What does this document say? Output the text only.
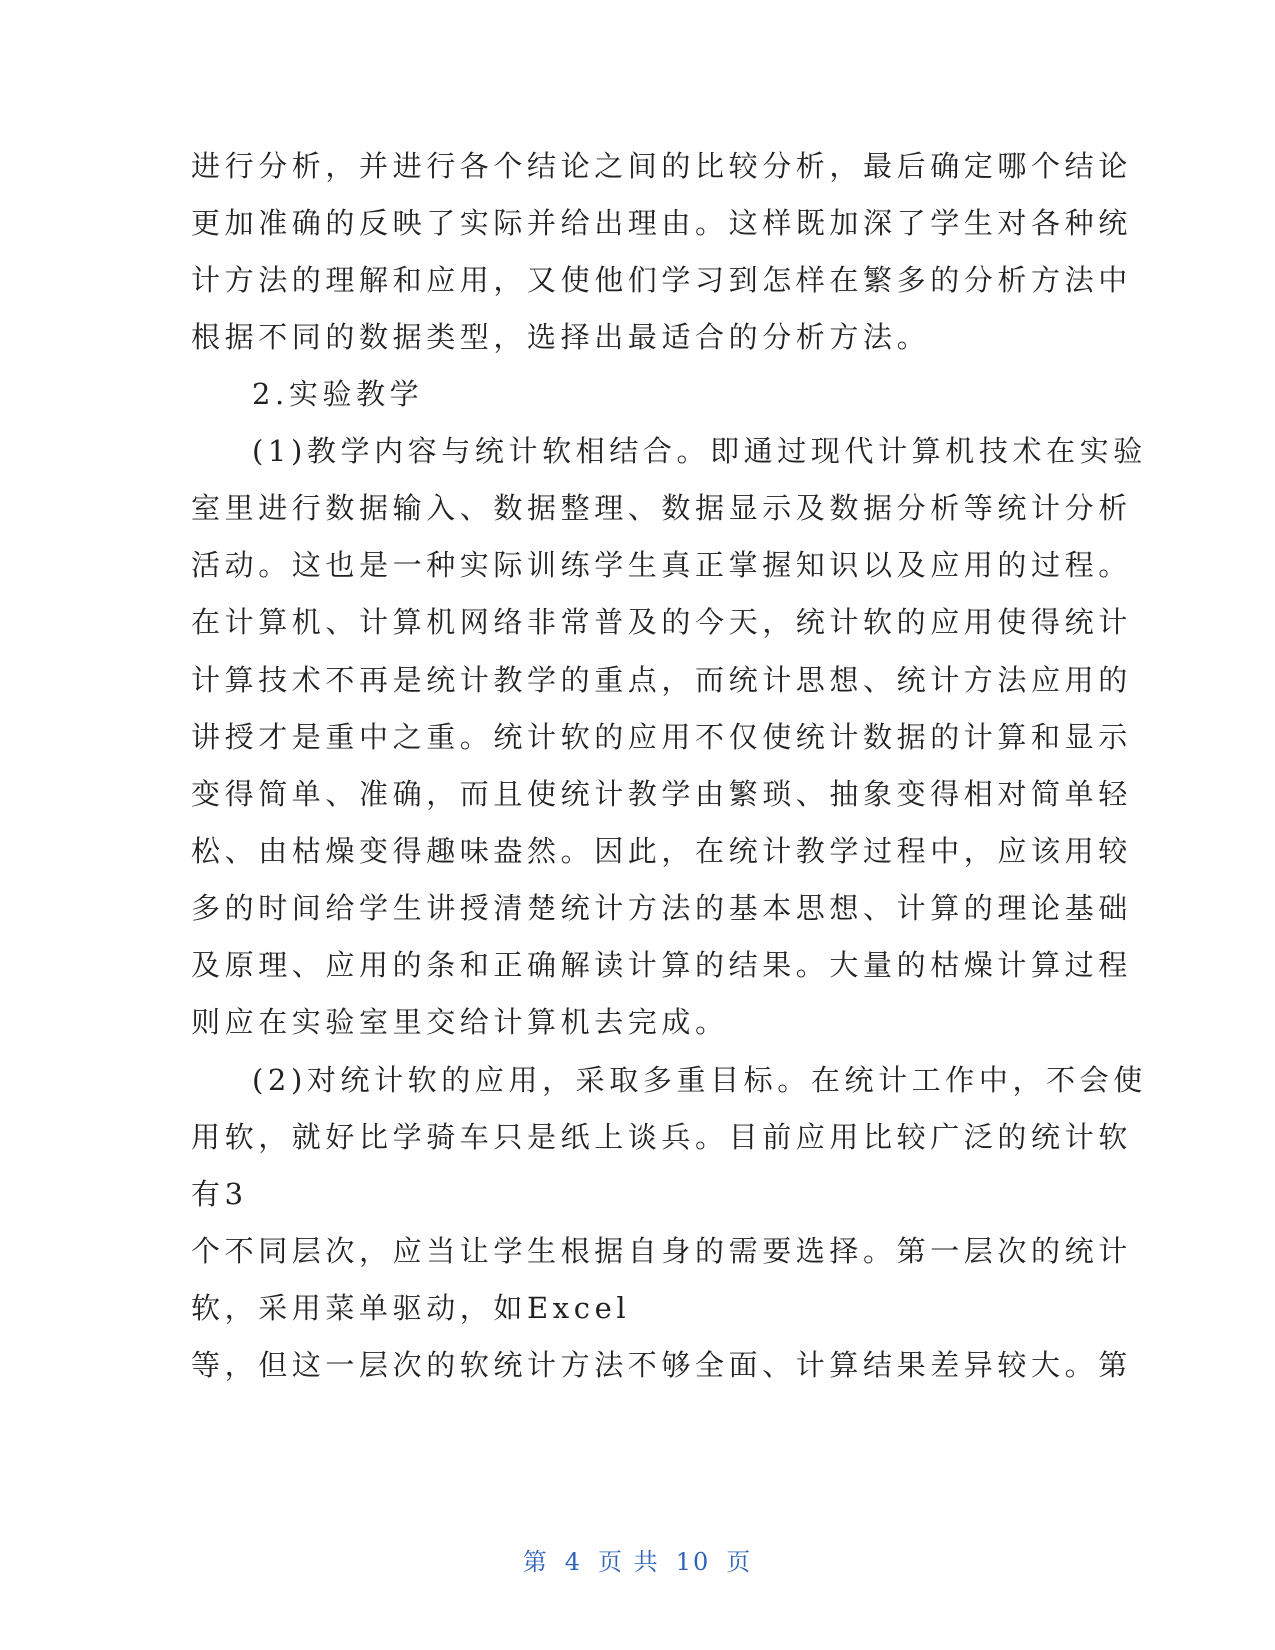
进行分析，并进行各个结论之间的比较分析，最后确定哪个结论
更加准确的反映了实际并给出理由。这样既加深了学生对各种统
计方法的理解和应用，又使他们学习到怎样在繁多的分析方法中
根据不同的数据类型，选择出最适合的分析方法。
2.实验教学
(1)教学内容与统计软相结合。即通过现代计算机技术在实验
室里进行数据输入、数据整理、数据显示及数据分析等统计分析
活动。这也是一种实际训练学生真正掌握知识以及应用的过程。
在计算机、计算机网络非常普及的今天，统计软的应用使得统计
计算技术不再是统计教学的重点，而统计思想、统计方法应用的
讲授才是重中之重。统计软的应用不仅使统计数据的计算和显示
变得简单、准确，而且使统计教学由繁琐、抽象变得相对简单轻
松、由枯燥变得趣味盎然。因此，在统计教学过程中，应该用较
多的时间给学生讲授清楚统计方法的基本思想、计算的理论基础
及原理、应用的条和正确解读计算的结果。大量的枯燥计算过程
则应在实验室里交给计算机去完成。
(2)对统计软的应用，采取多重目标。在统计工作中，不会使
用软，就好比学骑车只是纸上谈兵。目前应用比较广泛的统计软
有3
个不同层次，应当让学生根据自身的需要选择。第一层次的统计
软，采用菜单驱动，如Excel
等，但这一层次的软统计方法不够全面、计算结果差异较大。第
第 4 页 共 10 页
